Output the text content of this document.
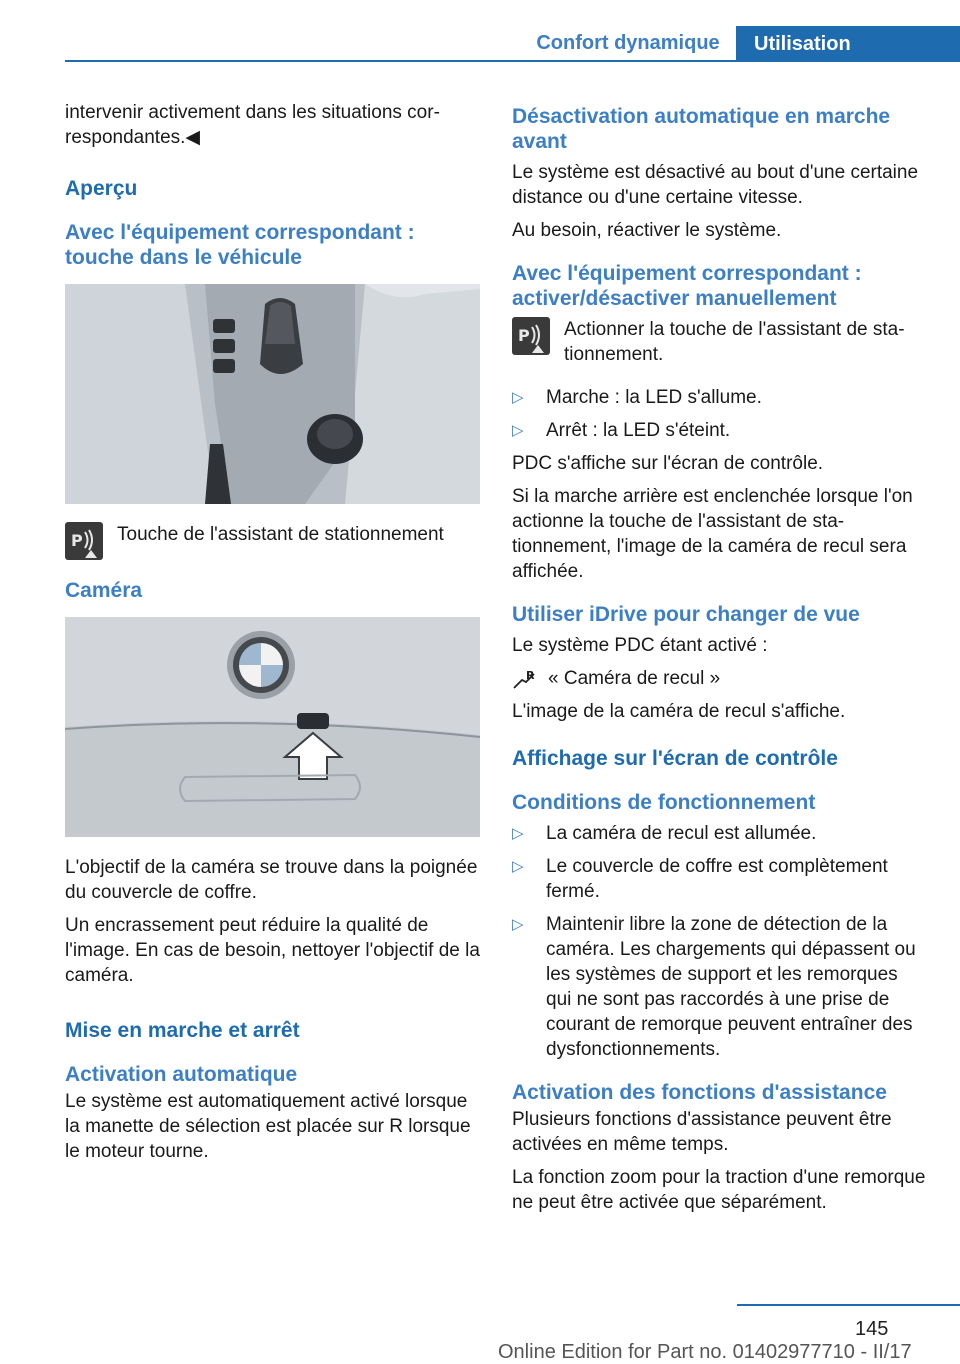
Confort dynamique	Utilisation

intervenir activement dans les situations correspondantes.◀

Aperçu
Avec l'équipement correspondant : touche dans le véhicule
P Touche de l'assistant de stationnement

Caméra

L'objectif de la caméra se trouve dans la poignée du couvercle de coffre.

Un encrassement peut réduire la qualité de l'image. En cas de besoin, nettoyer l'objectif de la caméra.

Mise en marche et arrêt
Activation automatique

Le système est automatiquement activé lorsque la manette de sélection est placée sur R lorsque le moteur tourne.

Désactivation automatique en marche avant

Le système est désactivé au bout d'une certaine distance ou d'une certaine vitesse.

Au besoin, réactiver le système.

Avec l'équipement correspondant : activer/désactiver manuellement
P Actionner la touche de l'assistant de stationnement.

▷	Marche : la LED s'allume.
▷	Arrêt : la LED s'éteint.

PDC s'affiche sur l'écran de contrôle.

Si la marche arrière est enclenchée lorsque l'on actionne la touche de l'assistant de stationnement, l'image de la caméra de recul sera affichée.

Utiliser iDrive pour changer de vue

Le système PDC étant activé :

R « Caméra de recul »

L'image de la caméra de recul s'affiche.

Affichage sur l'écran de contrôle
Conditions de fonctionnement
▷	La caméra de recul est allumée.
▷	Le couvercle de coffre est complètement fermé.
▷	Maintenir libre la zone de détection de la caméra. Les chargements qui dépassent ou les systèmes de support et les remorques qui ne sont pas raccordés à une prise de courant de remorque peuvent entraîner des dysfonctionnements.
Activation des fonctions d'assistance

Plusieurs fonctions d'assistance peuvent être activées en même temps.

La fonction zoom pour la traction d'une remorque ne peut être activée que séparément.

145
Online Edition for Part no. 01402977710 - II/17
